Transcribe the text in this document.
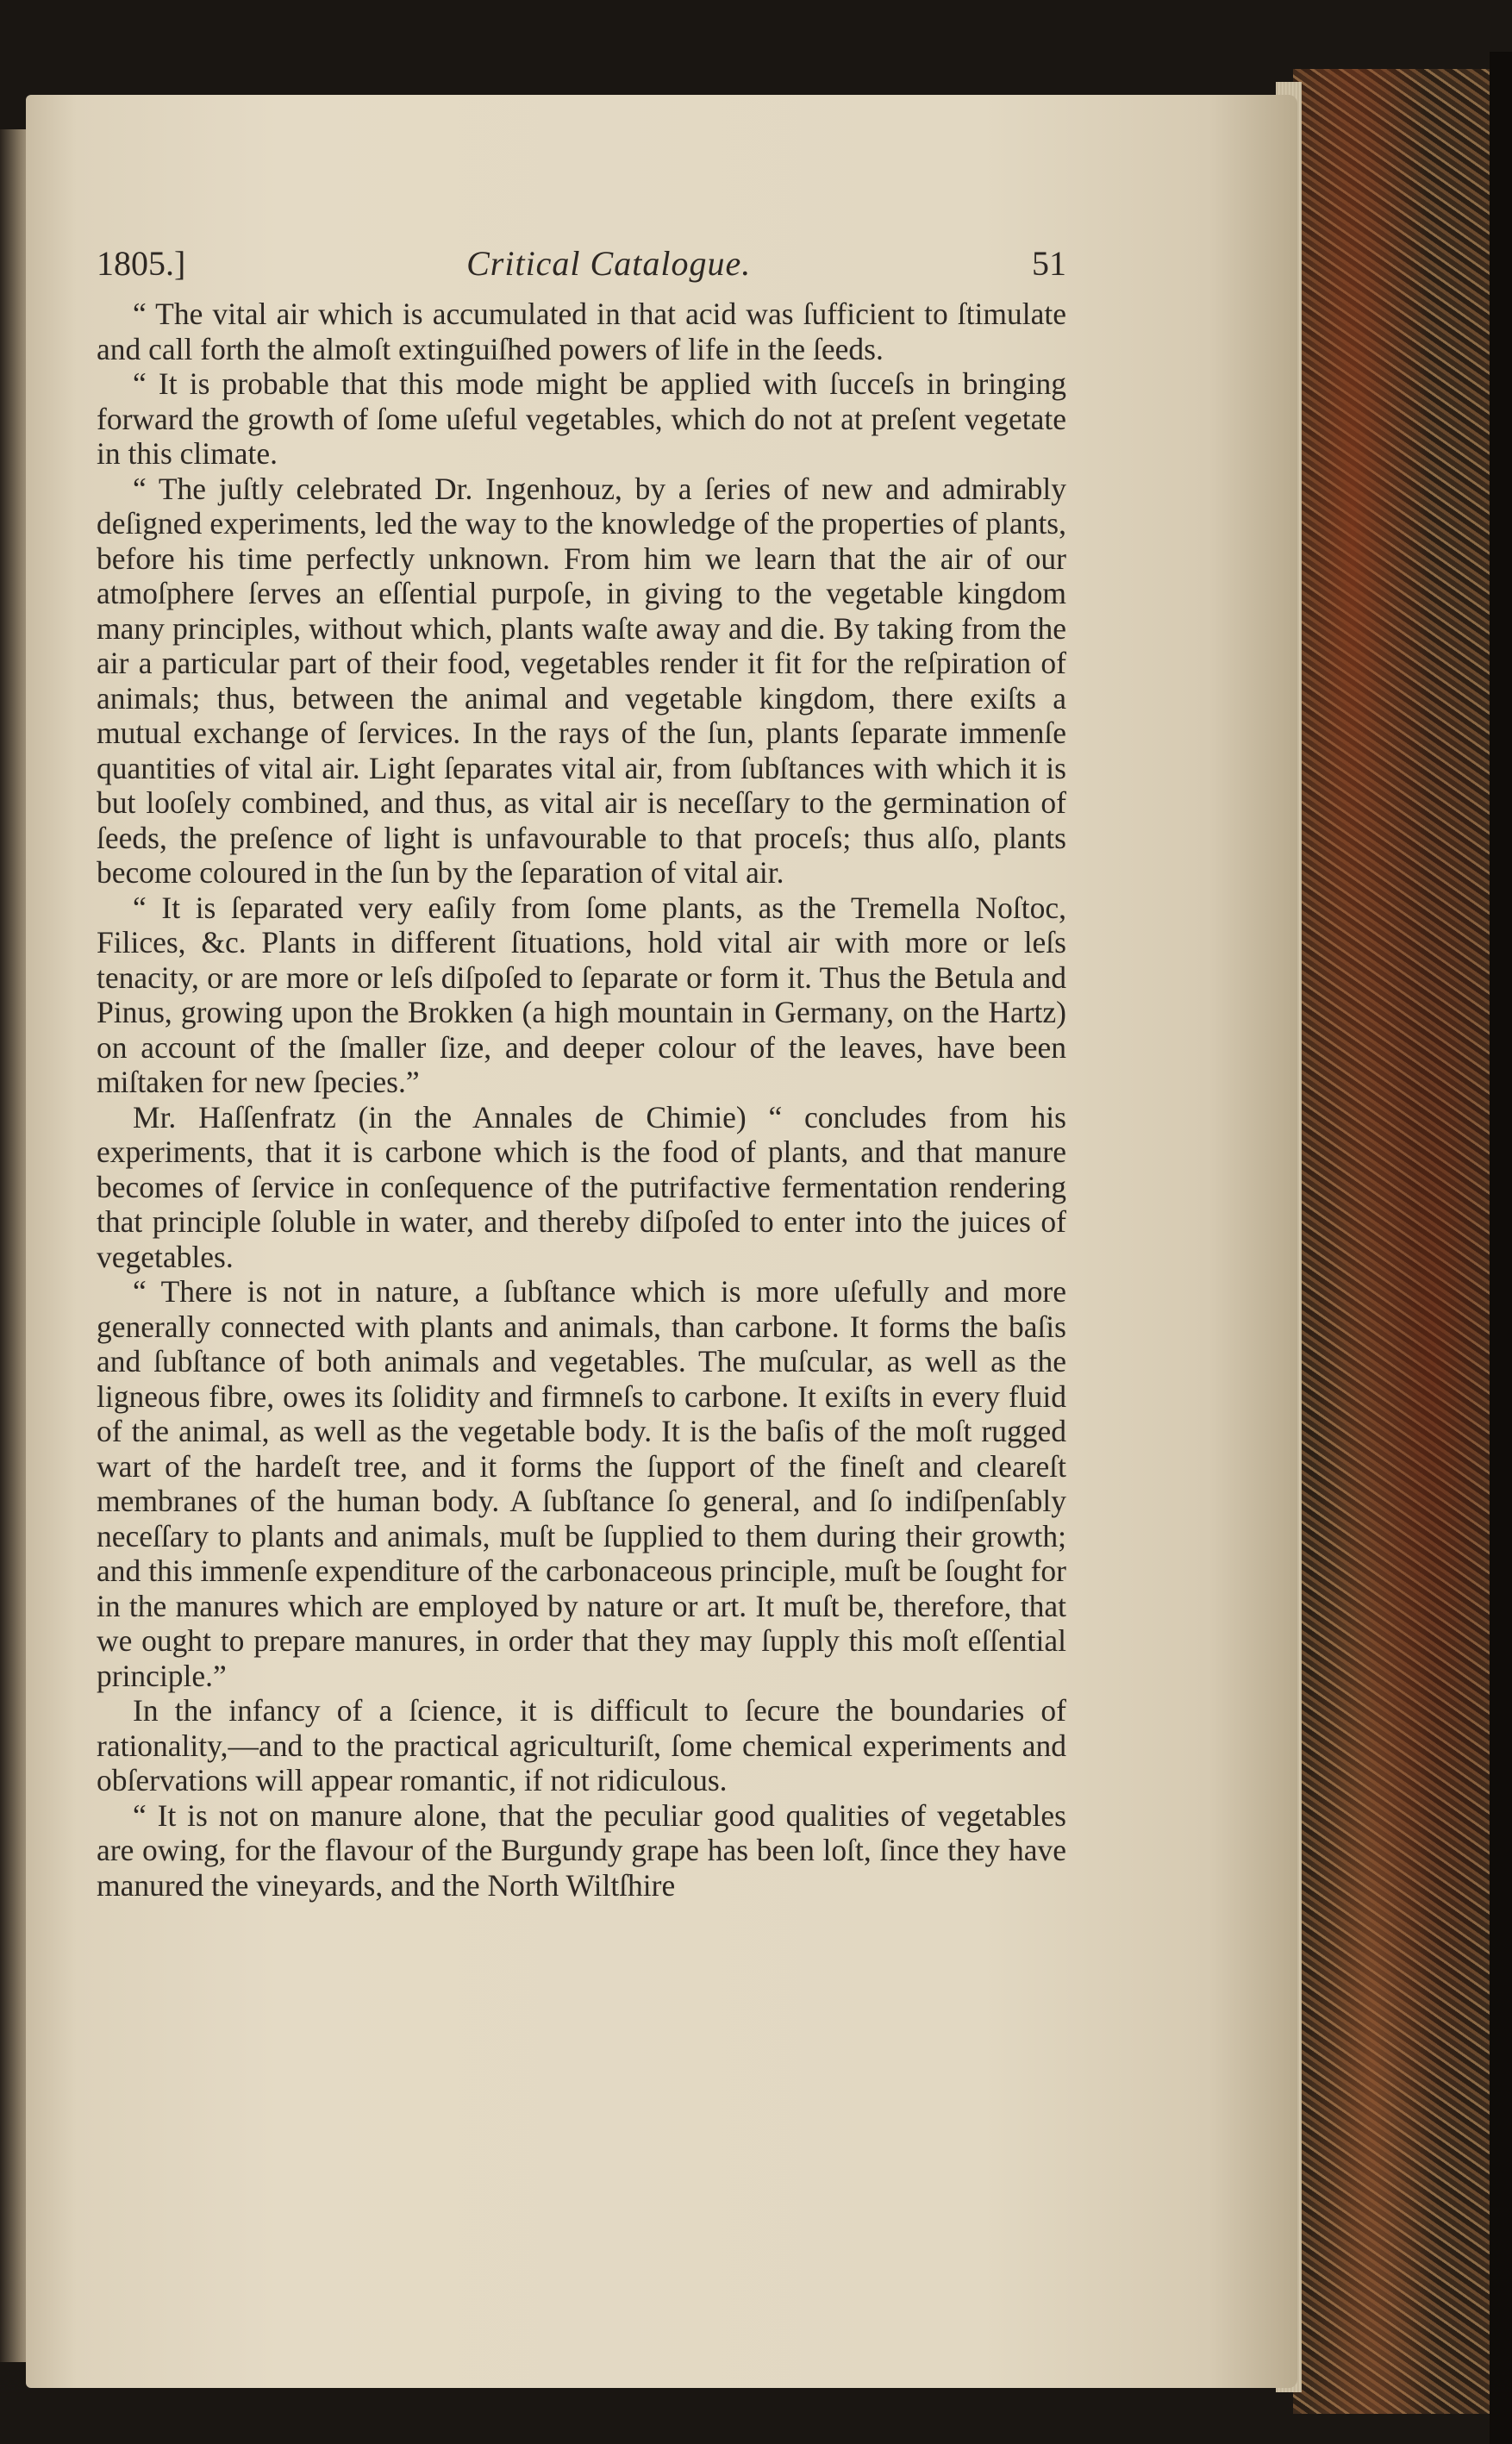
1805.]	Critical Catalogue.	51

“ The vital air which is accumulated in that acid was ſufficient to ſtimulate and call forth the almoſt extinguiſhed powers of life in the ſeeds.

“ It is probable that this mode might be applied with ſucceſs in bringing forward the growth of ſome uſeful vegetables, which do not at preſent vegetate in this climate.

“ The juſtly celebrated Dr. Ingenhouz, by a ſeries of new and admirably deſigned experiments, led the way to the knowledge of the properties of plants, before his time perfectly unknown. From him we learn that the air of our atmoſphere ſerves an eſſential purpoſe, in giving to the vegetable kingdom many principles, without which, plants waſte away and die. By taking from the air a particular part of their food, vegetables render it fit for the reſpiration of animals; thus, between the animal and vegetable kingdom, there exiſts a mutual exchange of ſervices. In the rays of the ſun, plants ſeparate immenſe quantities of vital air. Light ſeparates vital air, from ſubſtances with which it is but looſely combined, and thus, as vital air is neceſſary to the germination of ſeeds, the preſence of light is unfavourable to that proceſs; thus alſo, plants become coloured in the ſun by the ſeparation of vital air.

“ It is ſeparated very eaſily from ſome plants, as the Tremella Noſtoc, Filices, &c. Plants in different ſituations, hold vital air with more or leſs tenacity, or are more or leſs diſpoſed to ſeparate or form it. Thus the Betula and Pinus, growing upon the Brokken (a high mountain in Germany, on the Hartz) on account of the ſmaller ſize, and deeper colour of the leaves, have been miſtaken for new ſpecies.”

Mr. Haſſenfratz (in the Annales de Chimie) “ concludes from his experiments, that it is carbone which is the food of plants, and that manure becomes of ſervice in conſequence of the putrifactive fermentation rendering that principle ſoluble in water, and thereby diſpoſed to enter into the juices of vegetables.

“ There is not in nature, a ſubſtance which is more uſefully and more generally connected with plants and animals, than carbone. It forms the baſis and ſubſtance of both animals and vegetables. The muſcular, as well as the ligneous fibre, owes its ſolidity and firmneſs to carbone. It exiſts in every fluid of the animal, as well as the vegetable body. It is the baſis of the moſt rugged wart of the hardeſt tree, and it forms the ſupport of the fineſt and cleareſt membranes of the human body. A ſubſtance ſo general, and ſo indiſpenſably neceſſary to plants and animals, muſt be ſupplied to them during their growth; and this immenſe expenditure of the carbonaceous principle, muſt be ſought for in the manures which are employed by nature or art. It muſt be, therefore, that we ought to prepare manures, in order that they may ſupply this moſt eſſential principle.”

In the infancy of a ſcience, it is difficult to ſecure the boundaries of rationality,—and to the practical agriculturiſt, ſome chemical experiments and obſervations will appear romantic, if not ridiculous.

“ It is not on manure alone, that the peculiar good qualities of vegetables are owing, for the flavour of the Burgundy grape has been loſt, ſince they have manured the vineyards, and the North Wiltſhire
